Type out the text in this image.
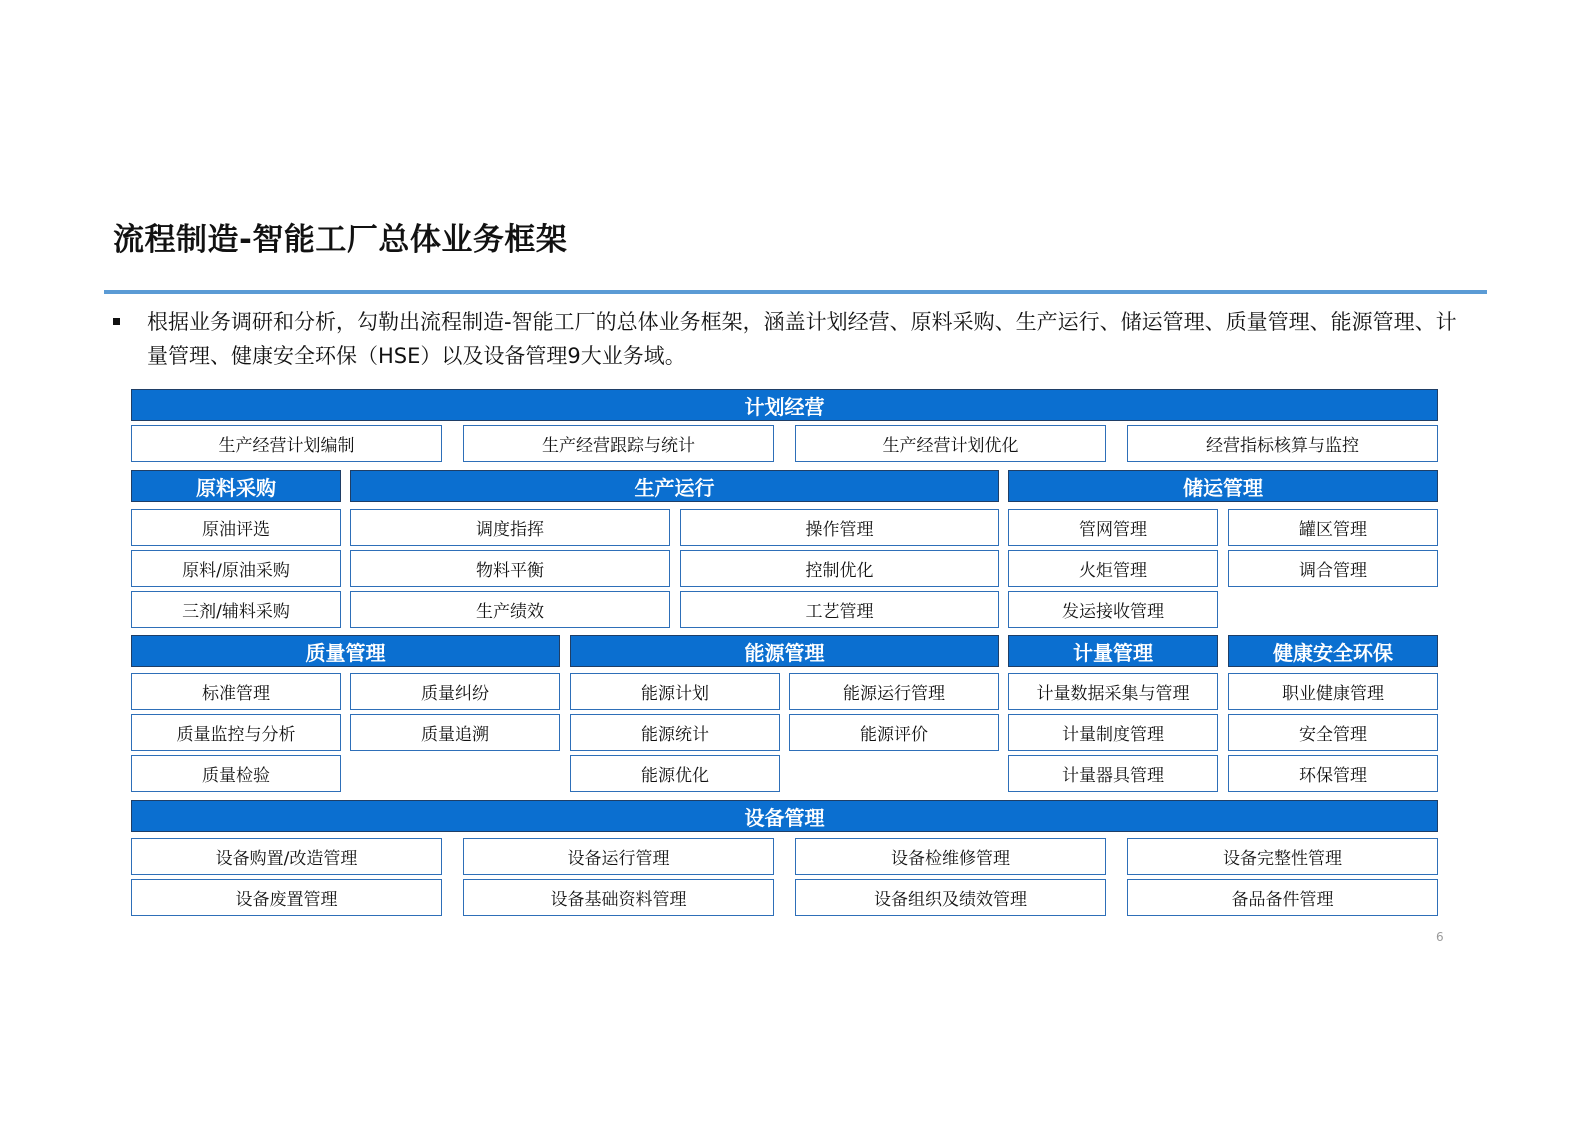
流程制造-智能工厂总体业务框架
根据业务调研和分析，勾勒出流程制造-智能工厂的总体业务框架，涵盖计划经营、原料采购、生产运行、储运管理、质量管理、能源管理、计量管理、健康安全环保（HSE）以及设备管理9大业务域。
计划经营
生产经营计划编制	生产经营跟踪与统计	生产经营计划优化	经营指标核算与监控
原料采购
原油评选
原料/原油采购
三剂/辅料采购
生产运行
调度指挥	操作管理
物料平衡	控制优化
生产绩效	工艺管理
储运管理
管网管理	罐区管理
火炬管理	调合管理
发运接收管理
质量管理
标准管理	质量纠纷
质量监控与分析	质量追溯
质量检验
能源管理
能源计划	能源运行管理
能源统计	能源评价
能源优化
计量管理
计量数据采集与管理
计量制度管理
计量器具管理
健康安全环保
职业健康管理
安全管理
环保管理
设备管理
设备购置/改造管理	设备运行管理	设备检维修管理	设备完整性管理
设备废置管理	设备基础资料管理	设备组织及绩效管理	备品备件管理
6
